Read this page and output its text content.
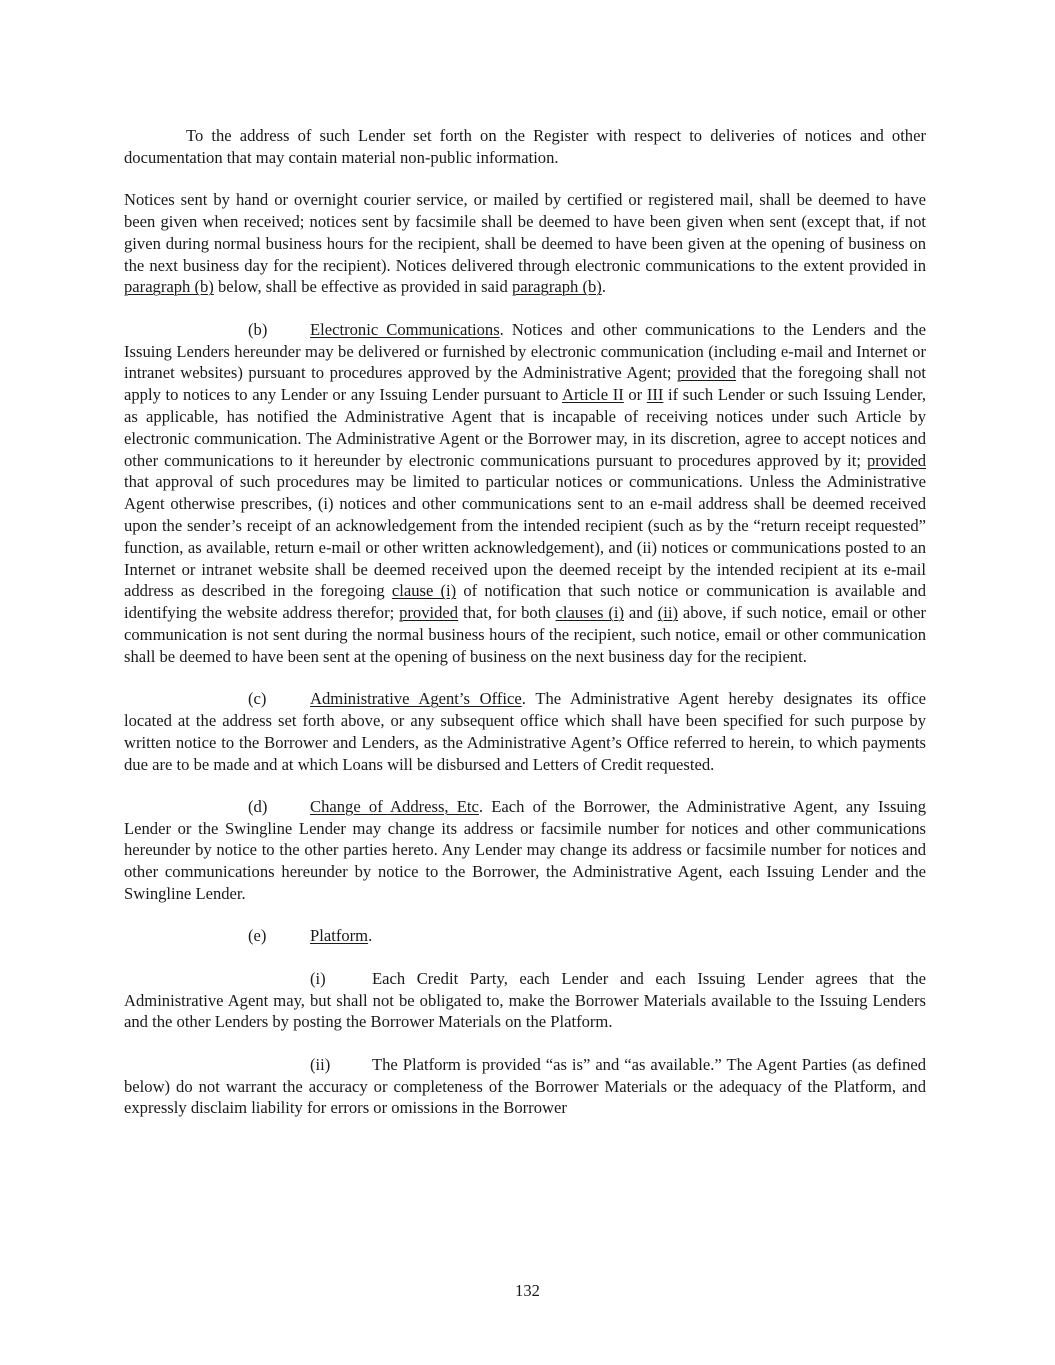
To the address of such Lender set forth on the Register with respect to deliveries of notices and other documentation that may contain material non-public information.

Notices sent by hand or overnight courier service, or mailed by certified or registered mail, shall be deemed to have been given when received; notices sent by facsimile shall be deemed to have been given when sent (except that, if not given during normal business hours for the recipient, shall be deemed to have been given at the opening of business on the next business day for the recipient). Notices delivered through electronic communications to the extent provided in paragraph (b) below, shall be effective as provided in said paragraph (b).

(b)	Electronic Communications. Notices and other communications to the Lenders and the Issuing Lenders hereunder may be delivered or furnished by electronic communication (including e-mail and Internet or intranet websites) pursuant to procedures approved by the Administrative Agent; provided that the foregoing shall not apply to notices to any Lender or any Issuing Lender pursuant to Article II or III if such Lender or such Issuing Lender, as applicable, has notified the Administrative Agent that is incapable of receiving notices under such Article by electronic communication. The Administrative Agent or the Borrower may, in its discretion, agree to accept notices and other communications to it hereunder by electronic communications pursuant to procedures approved by it; provided that approval of such procedures may be limited to particular notices or communications. Unless the Administrative Agent otherwise prescribes, (i) notices and other communications sent to an e-mail address shall be deemed received upon the sender’s receipt of an acknowledgement from the intended recipient (such as by the “return receipt requested” function, as available, return e-mail or other written acknowledgement), and (ii) notices or communications posted to an Internet or intranet website shall be deemed received upon the deemed receipt by the intended recipient at its e-mail address as described in the foregoing clause (i) of notification that such notice or communication is available and identifying the website address therefor; provided that, for both clauses (i) and (ii) above, if such notice, email or other communication is not sent during the normal business hours of the recipient, such notice, email or other communication shall be deemed to have been sent at the opening of business on the next business day for the recipient.

(c)	Administrative Agent’s Office. The Administrative Agent hereby designates its office located at the address set forth above, or any subsequent office which shall have been specified for such purpose by written notice to the Borrower and Lenders, as the Administrative Agent’s Office referred to herein, to which payments due are to be made and at which Loans will be disbursed and Letters of Credit requested.

(d)	Change of Address, Etc. Each of the Borrower, the Administrative Agent, any Issuing Lender or the Swingline Lender may change its address or facsimile number for notices and other communications hereunder by notice to the other parties hereto. Any Lender may change its address or facsimile number for notices and other communications hereunder by notice to the Borrower, the Administrative Agent, each Issuing Lender and the Swingline Lender.

(e)	Platform.

(i)	Each Credit Party, each Lender and each Issuing Lender agrees that the Administrative Agent may, but shall not be obligated to, make the Borrower Materials available to the Issuing Lenders and the other Lenders by posting the Borrower Materials on the Platform.

(ii)	The Platform is provided “as is” and “as available.” The Agent Parties (as defined below) do not warrant the accuracy or completeness of the Borrower Materials or the adequacy of the Platform, and expressly disclaim liability for errors or omissions in the Borrower

132
